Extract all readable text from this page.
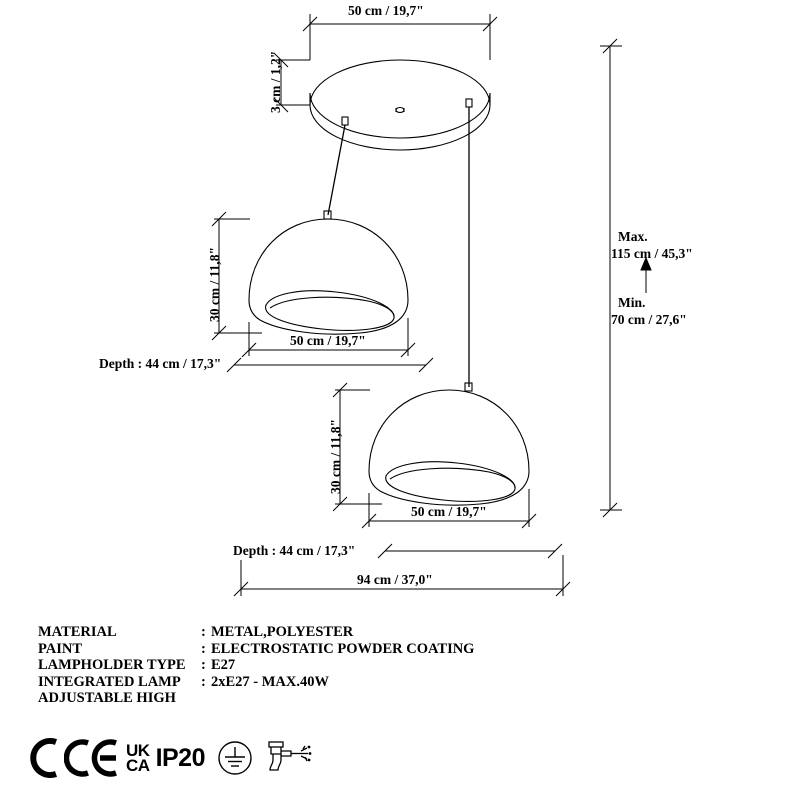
50 cm / 19,7"
3 cm / 1,2"
30 cm / 11,8"
50 cm / 19,7"
Depth : 44 cm / 17,3"
30 cm / 11,8"
50 cm / 19,7"
Depth : 44 cm / 17,3"
94 cm / 37,0"
Max.
115 cm / 45,3"
Min.
70 cm / 27,6"
MATERIAL	: METAL,POLYESTER
PAINT	: ELECTROSTATIC POWDER COATING
LAMPHOLDER TYPE	: E27
INTEGRATED LAMP	: 2xE27 - MAX.40W
ADJUSTABLE HIGH
UK
CA IP20
